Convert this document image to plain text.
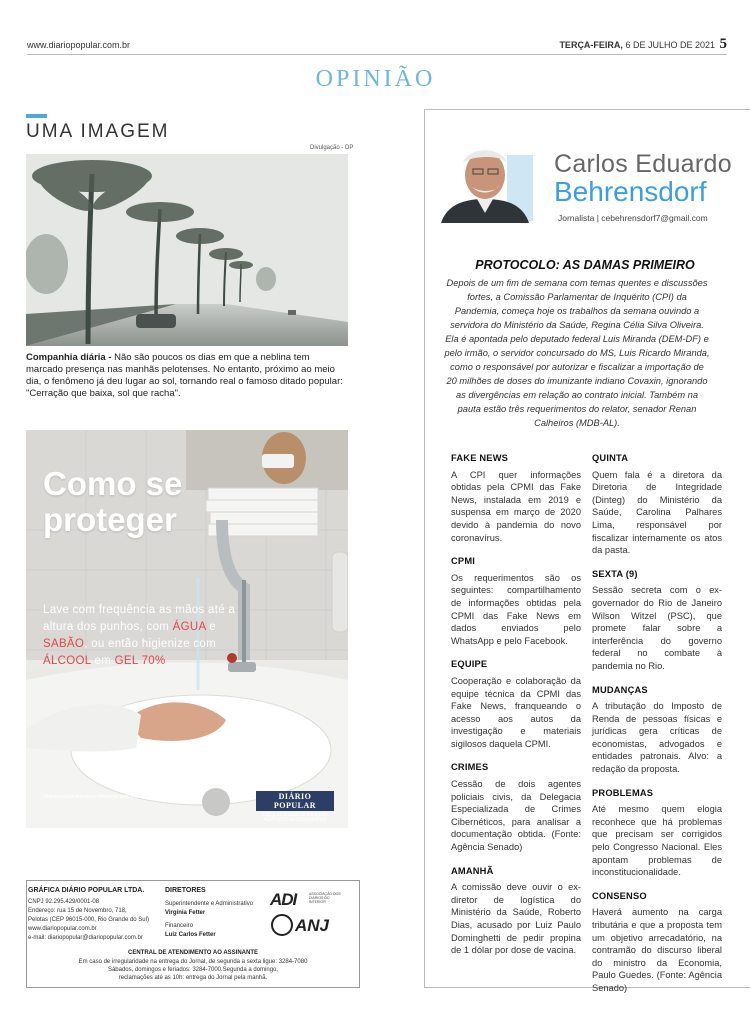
www.diariopopular.com.br	TERÇA-FEIRA, 6 DE JULHO DE 2021 5
OPINIÃO
UMA IMAGEM
Divulgação - DP

Companhia diária - Não são poucos os dias em que a neblina tem marcado presença nas manhãs pelotenses. No entanto, próximo ao meio dia, o fenômeno já deu lugar ao sol, tornando real o famoso ditado popular: "Cerração que baixa, sol que racha".

Como se
proteger
Lave com frequência as mãos até a altura dos punhos, com ÁGUA e SABÃO, ou então higienize com ÁLCOOL em GEL 70%.
#fiqueemcasa #lavacom #tratamentomaoslimpa	DIÁRIO POPULAR
A força da verdade do Dona 1890
#DPcontraocoronavirus
GRÁFICA DIÁRIO POPULAR LTDA.
CNPJ 92.295.429/0001-08
Endereço: rua 15 de Novembro, 718,
Pelotas (CEP 96015-000, Rio Grande do Sul)
www.diariopopular.com.br
e-mail: diariopopular@diariopopular.com.br
DIRETORES
Superintendente e Administrativo
Virgínia Fetter
Financeiro
Luiz Carlos Fetter
ADI	ASSOCIAÇÃO DOS DIÁRIOS DO INTERIOR
ANJ
CENTRAL DE ATENDIMENTO AO ASSINANTE
Em caso de irregularidade na entrega do Jornal, de segunda a sexta ligue: 3284-7080
Sábados, domingos e feriados: 3284-7000.Segunda a domingo,
reclamações até as 10h: entrega do Jornal pela manhã.
Carlos Eduardo
Behrensdorf
Jornalista | cebehrensdorf7@gmail.com
PROTOCOLO: AS DAMAS PRIMEIRO

Depois de um fim de semana com temas quentes e discussões fortes, a Comissão Parlamentar de Inquérito (CPI) da Pandemia, começa hoje os trabalhos da semana ouvindo a servidora do Ministério da Saúde, Regina Célia Silva Oliveira. Ela é apontada pelo deputado federal Luis Miranda (DEM-DF) e pelo irmão, o servidor concursado do MS, Luis Ricardo Miranda, como o responsável por autorizar e fiscalizar a importação de 20 milhões de doses do imunizante indiano Covaxin, ignorando as divergências em relação ao contrato inicial. Também na pauta estão três requerimentos do relator, senador Renan Calheiros (MDB-AL).

FAKE NEWS

A CPI quer informações obtidas pela CPMI das Fake News, instalada em 2019 e suspensa em março de 2020 devido à pandemia do novo coronavírus.

CPMI

Os requerimentos são os seguintes: compartilhamento de informações obtidas pela CPMI das Fake News em dados enviados pelo WhatsApp e pelo Facebook.

EQUIPE

Cooperação e colaboração da equipe técnica da CPMI das Fake News, franqueando o acesso aos autos da investigação e materiais sigilosos daquela CPMI.

CRIMES

Cessão de dois agentes policiais civis, da Delegacia Especializada de Crimes Cibernéticos, para analisar a documentação obtida. (Fonte: Agência Senado)

AMANHÃ

A comissão deve ouvir o ex-diretor de logística do Ministério da Saúde, Roberto Dias, acusado por Luiz Paulo Dominghetti de pedir propina de 1 dólar por dose de vacina.

QUINTA

Quem fala é a diretora da Diretoria de Integridade (Dinteg) do Ministério da Saúde, Carolina Palhares Lima, responsável por fiscalizar internamente os atos da pasta.

SEXTA (9)

Sessão secreta com o ex-governador do Rio de Janeiro Wilson Witzel (PSC), que promete falar sobre a interferência do governo federal no combate à pandemia no Rio.

MUDANÇAS

A tributação do Imposto de Renda de pessoas físicas e jurídicas gera críticas de economistas, advogados e entidades patronais. Alvo: a redação da proposta.

PROBLEMAS

Até mesmo quem elogia reconhece que há problemas que precisam ser corrigidos pelo Congresso Nacional. Eles apontam problemas de inconstitucionalidade.

CONSENSO

Haverá aumento na carga tributária e que a proposta tem um objetivo arrecadatório, na contramão do discurso liberal do ministro da Economia, Paulo Guedes. (Fonte: Agência Senado)
